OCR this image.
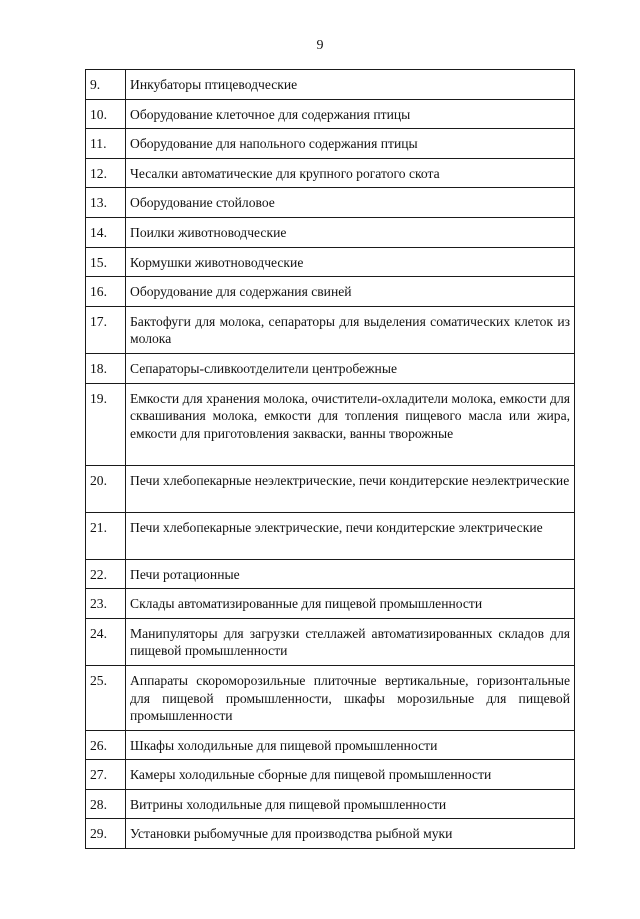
9
9.	Инкубаторы птицеводческие
10.	Оборудование клеточное для содержания птицы
11.	Оборудование для напольного содержания птицы
12.	Чесалки автоматические для крупного рогатого скота
13.	Оборудование стойловое
14.	Поилки животноводческие
15.	Кормушки животноводческие
16.	Оборудование для содержания свиней
17.	Бактофуги для молока, сепараторы для выделения соматических клеток из молока
18.	Сепараторы-сливкоотделители центробежные
19.	Емкости для хранения молока, очистители-охладители молока, емкости для сквашивания молока, емкости для топления пищевого масла или жира, емкости для приготовления закваски, ванны творожные
20.	Печи хлебопекарные неэлектрические, печи кондитерские неэлектрические
21.	Печи хлебопекарные электрические, печи кондитерские электрические
22.	Печи ротационные
23.	Склады автоматизированные для пищевой промышленности
24.	Манипуляторы для загрузки стеллажей автоматизированных складов для пищевой промышленности
25.	Аппараты скороморозильные плиточные вертикальные, горизонтальные для пищевой промышленности, шкафы морозильные для пищевой промышленности
26.	Шкафы холодильные для пищевой промышленности
27.	Камеры холодильные сборные для пищевой промышленности
28.	Витрины холодильные для пищевой промышленности
29.	Установки рыбомучные для производства рыбной муки
